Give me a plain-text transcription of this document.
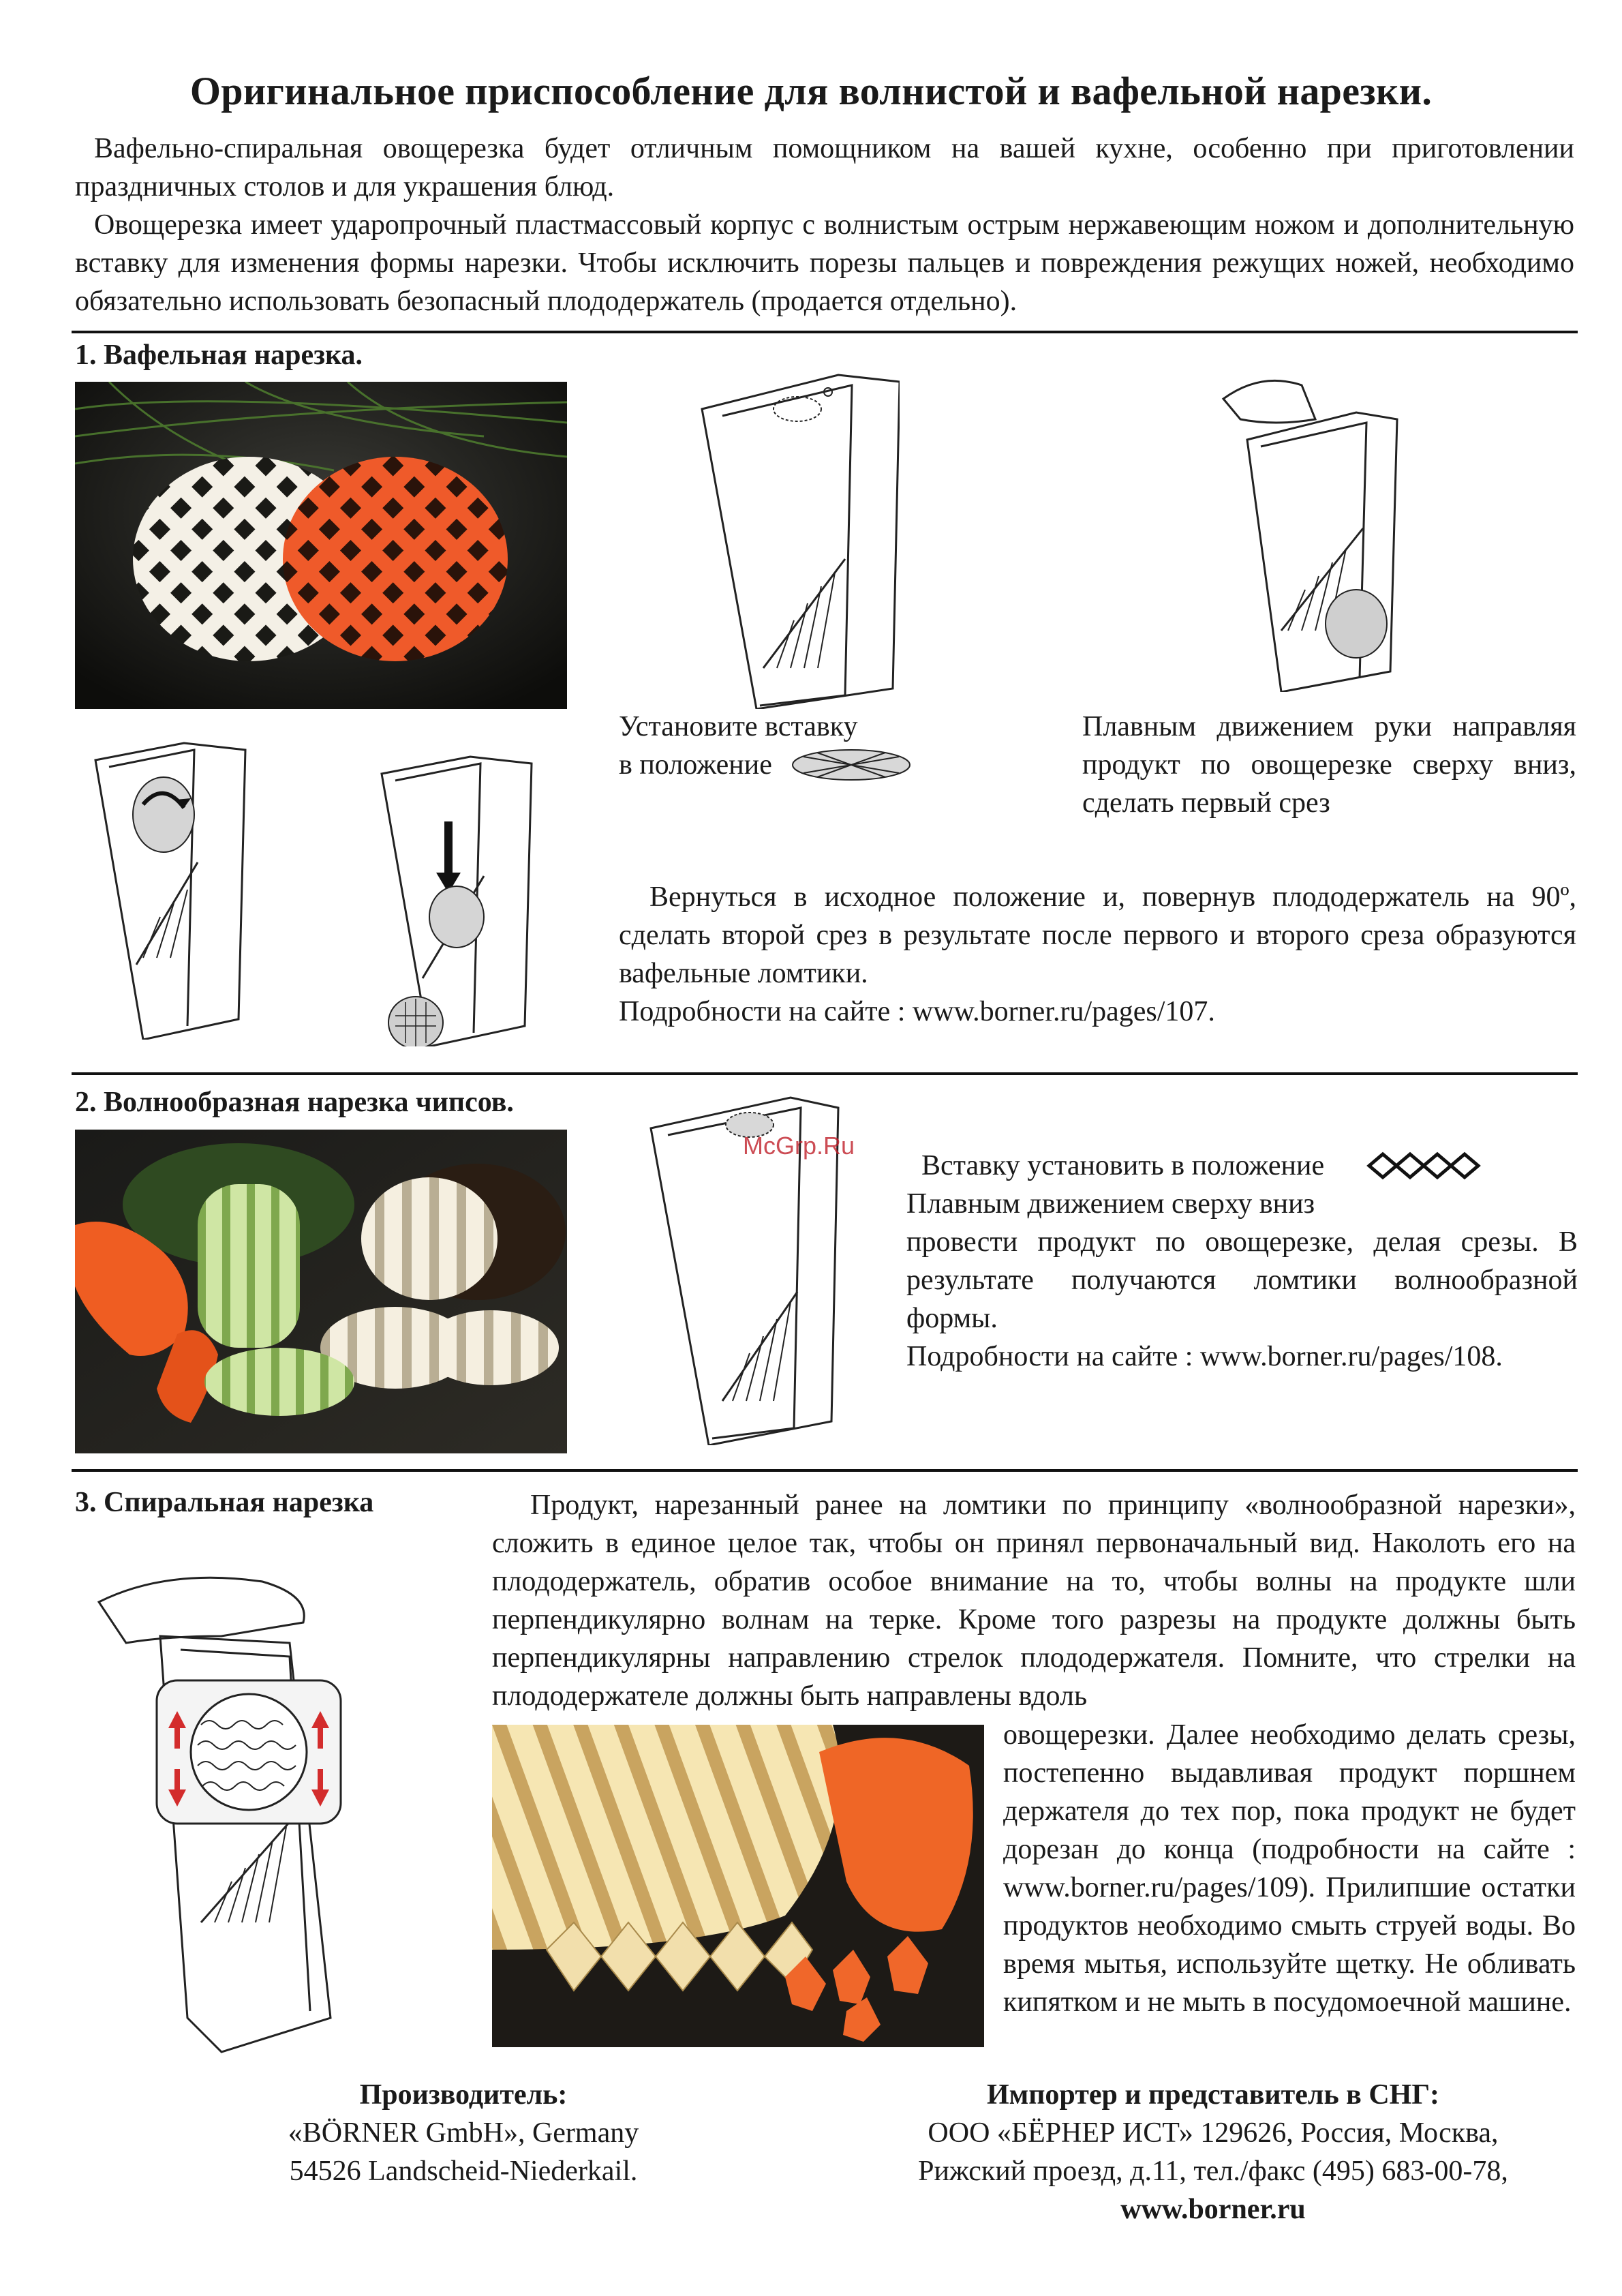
Оригинальное приспособление для волнистой и вафельной нарезки.

Вафельно-спиральная овощерезка будет отличным помощником на вашей кухне, особенно при приготовлении праздничных столов и для украшения блюд.

Овощерезка имеет ударопрочный пластмассовый корпус с волнистым острым нержавеющим ножом и дополнительную вставку для изменения формы нарезки. Чтобы исключить порезы пальцев и повреждения режущих ножей, необходимо обязательно использовать безопасный плододержатель (продается отдельно).

1. Вафельная нарезка.

Установите вставку

в положение

Плавным движением руки направляя продукт по овощерезке сверху вниз, сделать первый срез

Вернуться в исходное положение и, повернув плододержатель на 90º, сделать второй срез в результате после первого и второго среза образуются вафельные ломтики.

Подробности на сайте : www.borner.ru/pages/107.

2. Волнообразная нарезка чипсов.

McGrp.Ru

Вставку установить в положение

Плавным движением сверху вниз

провести продукт по овощерезке, делая срезы. В результате получаются ломтики волнообразной формы.

Подробности на сайте : www.borner.ru/pages/108.

3. Спиральная нарезка	Продукт, нарезанный ранее на ломтики по принципу «волнообразной нарезки», сложить в единое целое так, чтобы он принял первоначальный вид. Наколоть его на плододержатель, обратив особое внимание на то, чтобы волны на продукте шли перпендикулярно волнам на терке. Кроме того разрезы на продукте должны быть перпендикулярны направлению стрелок плододержателя. Помните, что стрелки на плододержателе должны быть направлены вдоль

овощерезки. Далее необходимо делать срезы, постепенно выдавливая продукт поршнем держателя до тех пор, пока продукт не будет дорезан до конца (подробности на сайте : www.borner.ru/pages/109). Прилипшие остатки продуктов необходимо смыть струей воды. Во время мытья, используйте щетку. Не обливать кипятком и не мыть в посудомоечной машине.

Производитель:

«BÖRNER GmbH», Germany

54526 Landscheid-Niederkail.

Импортер и представитель в СНГ:

ООО «БЁРНЕР ИСТ» 129626, Россия, Москва,

Рижский проезд, д.11, тел./факс (495) 683-00-78,

www.borner.ru
